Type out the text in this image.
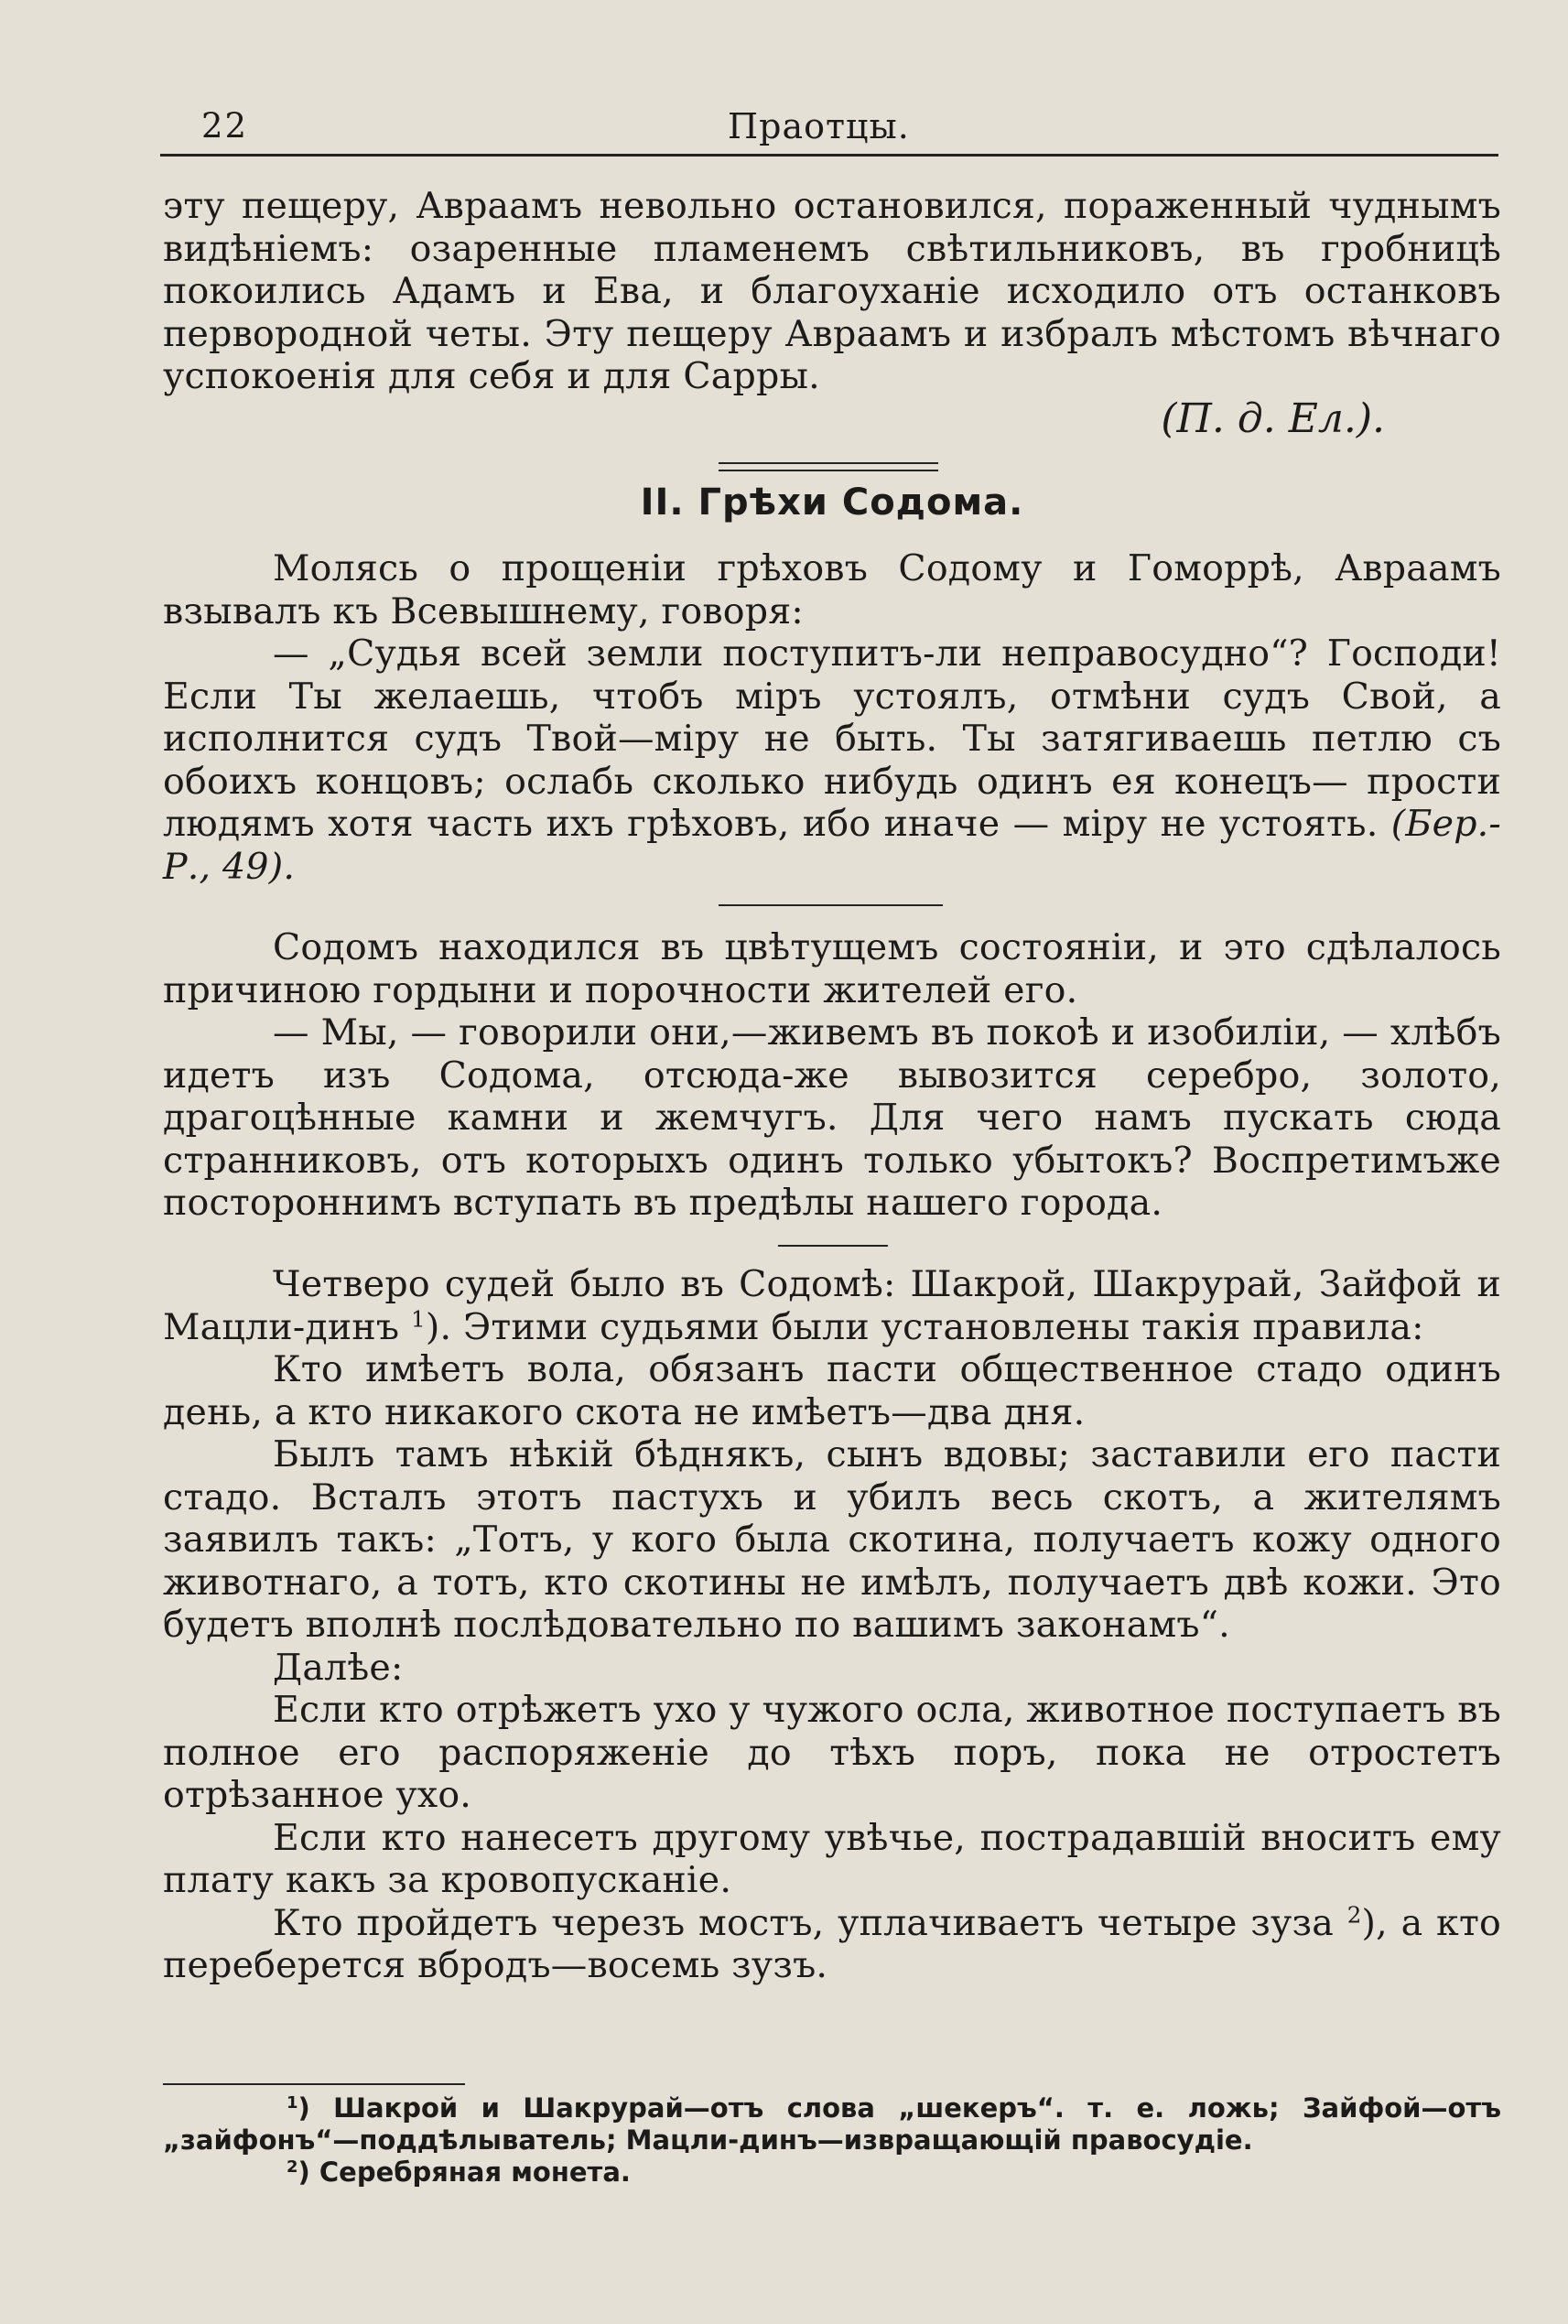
22	Праотцы.

эту пещеру, Авраамъ невольно остановился, пораженный чуднымъ видѣніемъ: озаренные пламенемъ свѣтильниковъ, въ гробницѣ покоились Адамъ и Ева, и благоуханіе исходило отъ останковъ первородной четы. Эту пещеру Авраамъ и избралъ мѣстомъ вѣчнаго успокоенія для себя и для Сарры.

(П. д. Ел.).
II. Грѣхи Содома.

Молясь о прощеніи грѣховъ Содому и Гоморрѣ, Авраамъ взывалъ къ Всевышнему, говоря:

— „Судья всей земли поступитъ-ли неправосудно“? Господи! Если Ты желаешь, чтобъ міръ устоялъ, отмѣни судъ Свой, а исполнится судъ Твой—міру не быть. Ты затягиваешь петлю съ обоихъ концовъ; ослабь сколько нибудь одинъ ея конецъ— прости людямъ хотя часть ихъ грѣховъ, ибо иначе — міру не устоять. (Бер.-Р., 49).

Содомъ находился въ цвѣтущемъ состояніи, и это сдѣлалось причиною гордыни и порочности жителей его.

— Мы, — говорили они,—живемъ въ покоѣ и изобиліи, — хлѣбъ идетъ изъ Содома, отсюда-же вывозится серебро, золото, драгоцѣнные камни и жемчугъ. Для чего намъ пускать сюда странниковъ, отъ которыхъ одинъ только убытокъ? Воспретимъже постороннимъ вступать въ предѣлы нашего города.

Четверо судей было въ Содомѣ: Шакрой, Шакрурай, Зайфой и Мацли-динъ $^1$). Этими судьями были установлены такія правила:

Кто имѣетъ вола, обязанъ пасти общественное стадо одинъ день, а кто никакого скота не имѣетъ—два дня.

Былъ тамъ нѣкій бѣднякъ, сынъ вдовы; заставили его пасти стадо. Всталъ этотъ пастухъ и убилъ весь скотъ, а жителямъ заявилъ такъ: „Тотъ, у кого была скотина, получаетъ кожу одного животнаго, а тотъ, кто скотины не имѣлъ, получаетъ двѣ кожи. Это будетъ вполнѣ послѣдовательно по вашимъ законамъ“.

Далѣе:

Если кто отрѣжетъ ухо у чужого осла, животное поступаетъ въ полное его распоряженіе до тѣхъ поръ, пока не отростетъ отрѣзанное ухо.

Если кто нанесетъ другому увѣчье, пострадавшій вноситъ ему плату какъ за кровопусканіе.

Кто пройдетъ черезъ мостъ, уплачиваетъ четыре зуза $^2$), а кто переберется вбродъ—восемь зузъ.

$^1$) Шакрой и Шакрурай—отъ слова „шекеръ“. т. е. ложь; Зайфой—отъ „зайфонъ“—поддѣлыватель; Мацли-динъ—извращающій правосудіе.

$^2$) Серебряная монета.
